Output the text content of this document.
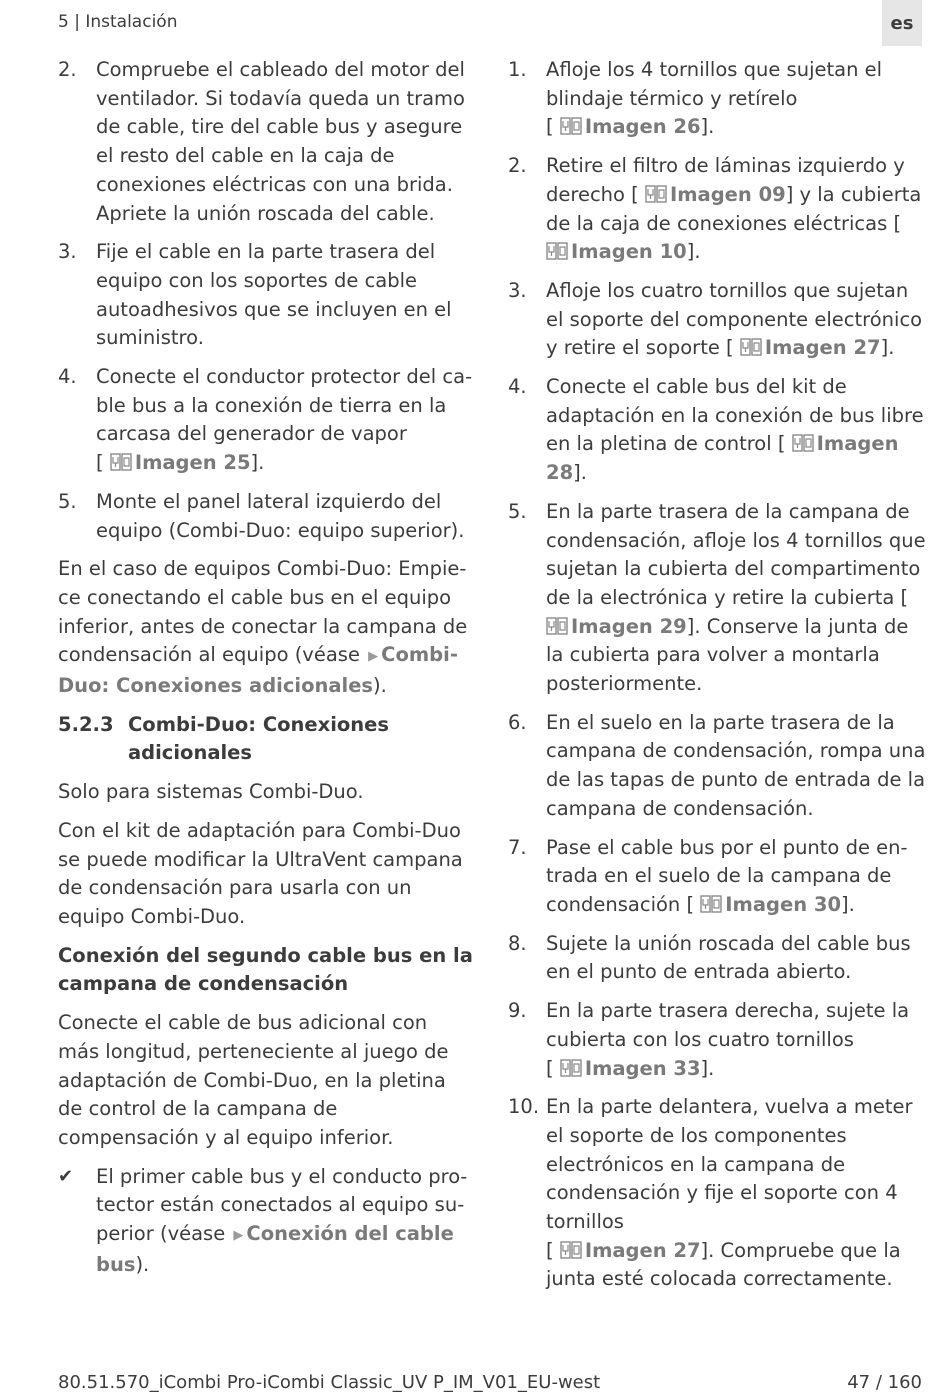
5 | Instalación	es
2. Compruebe el cableado del motor del ventilador. Si todavía queda un tramo de cable, tire del cable bus y asegure el resto del cable en la caja de conexiones eléctricas con una brida. Apriete la unión roscada del cable.
3. Fije el cable en la parte trasera del equipo con los soportes de cable autoadhesivos que se incluyen en el suministro.
4. Conecte el conductor protector del cable bus a la conexión de tierra en la carcasa del generador de vapor
[ Imagen 25].
5. Monte el panel lateral izquierdo del equipo (Combi-Duo: equipo superior).

En el caso de equipos Combi-Duo: Empiece conectando el cable bus en el equipo inferior, antes de conectar la campana de condensación al equipo (véase ▶ Combi-Duo: Conexiones adicionales).

5.2.3 Combi-Duo: Conexiones adicionales

Solo para sistemas Combi-Duo.

Con el kit de adaptación para Combi-Duo se puede modificar la UltraVent campana de condensación para usarla con un equipo Combi-Duo.

Conexión del segundo cable bus en la campana de condensación

Conecte el cable de bus adicional con más longitud, perteneciente al juego de adaptación de Combi-Duo, en la pletina de control de la campana de compensación y al equipo inferior.

✔	El primer cable bus y el conducto protector están conectados al equipo superior (véase ▶ Conexión del cable bus).
1. Afloje los 4 tornillos que sujetan el blindaje térmico y retírelo
[ Imagen 26].
2. Retire el filtro de láminas izquierdo y derecho [ Imagen 09] y la cubierta de la caja de conexiones eléctricas [ Imagen 10].
3. Afloje los cuatro tornillos que sujetan el soporte del componente electrónico y retire el soporte [ Imagen 27].
4. Conecte el cable bus del kit de adaptación en la conexión de bus libre en la pletina de control [ Imagen 28].
5. En la parte trasera de la campana de condensación, afloje los 4 tornillos que sujetan la cubierta del compartimento de la electrónica y retire la cubierta [ Imagen 29]. Conserve la junta de la cubierta para volver a montarla posteriormente.
6. En el suelo en la parte trasera de la campana de condensación, rompa una de las tapas de punto de entrada de la campana de condensación.
7. Pase el cable bus por el punto de entrada en el suelo de la campana de condensación [ Imagen 30].
8. Sujete la unión roscada del cable bus en el punto de entrada abierto.
9. En la parte trasera derecha, sujete la cubierta con los cuatro tornillos
[ Imagen 33].
10. En la parte delantera, vuelva a meter el soporte de los componentes electrónicos en la campana de condensación y fije el soporte con 4 tornillos
[ Imagen 27]. Compruebe que la junta esté colocada correctamente.
80.51.570_iCombi Pro-iCombi Classic_UV P_IM_V01_EU-west	47 / 160
